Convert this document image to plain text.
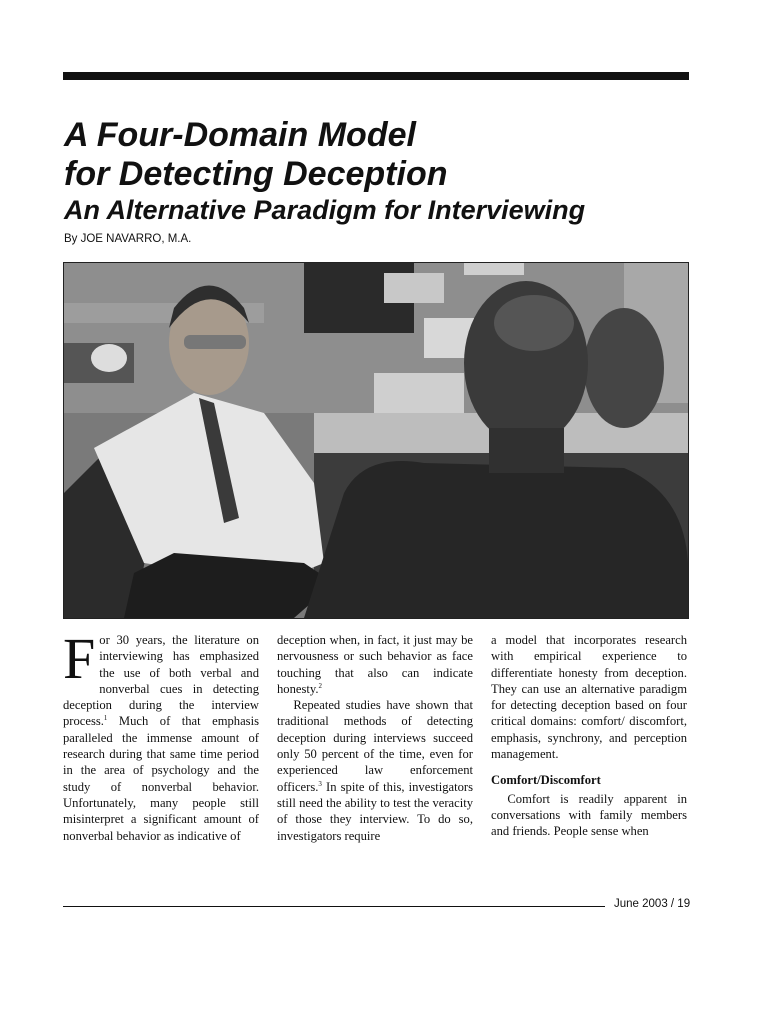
A Four-Domain Model
for Detecting Deception
An Alternative Paradigm for Interviewing
By JOE NAVARRO, M.A.

For 30 years, the literature on interviewing has emphasized the use of both verbal and nonverbal cues in detecting deception during the interview process.$^1$ Much of that emphasis paralleled the immense amount of research during that same time period in the area of psychology and the study of nonverbal behavior. Unfortunately, many people still misinterpret a significant amount of nonverbal behavior as indicative of

deception when, in fact, it just may be nervousness or such behavior as face touching that also can indicate honesty.$^2$

Repeated studies have shown that traditional methods of detecting deception during interviews succeed only 50 percent of the time, even for experienced law enforcement officers.$^3$ In spite of this, investigators still need the ability to test the veracity of those they interview. To do so, investigators require

a model that incorporates research with empirical experience to differentiate honesty from deception. They can use an alternative paradigm for detecting deception based on four critical domains: comfort/ discomfort, emphasis, synchrony, and perception management.

Comfort/Discomfort

Comfort is readily apparent in conversations with family members and friends. People sense when

June 2003 / 19
